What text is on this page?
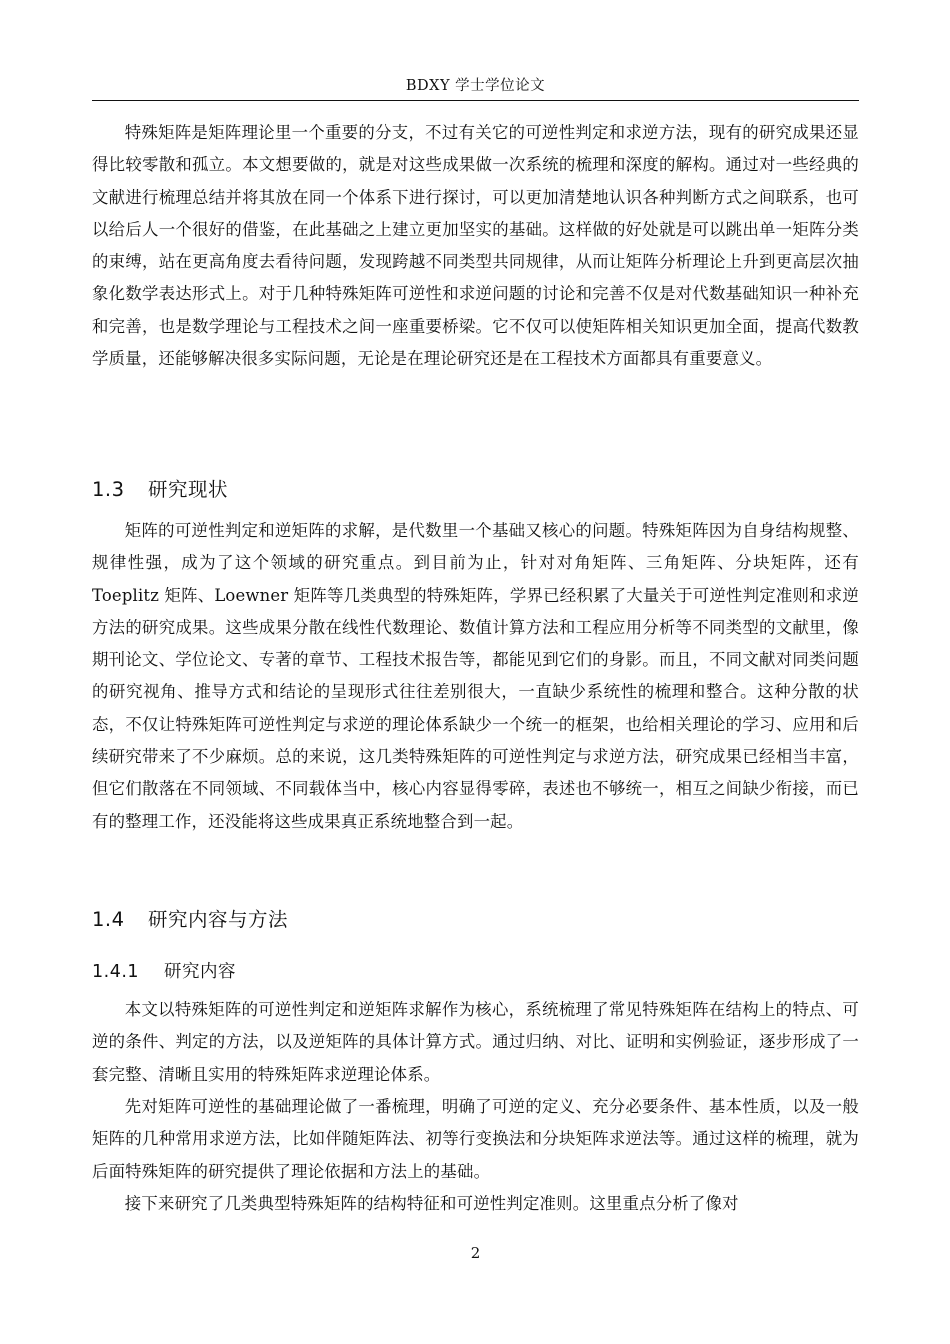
BDXY 学士学位论文

特殊矩阵是矩阵理论里一个重要的分支，不过有关它的可逆性判定和求逆方法，现有的研究成果还显得比较零散和孤立。本文想要做的，就是对这些成果做一次系统的梳理和深度的解构。通过对一些经典的文献进行梳理总结并将其放在同一个体系下进行探讨，可以更加清楚地认识各种判断方式之间联系，也可以给后人一个很好的借鉴，在此基础之上建立更加坚实的基础。这样做的好处就是可以跳出单一矩阵分类的束缚，站在更高角度去看待问题，发现跨越不同类型共同规律，从而让矩阵分析理论上升到更高层次抽象化数学表达形式上。对于几种特殊矩阵可逆性和求逆问题的讨论和完善不仅是对代数基础知识一种补充和完善，也是数学理论与工程技术之间一座重要桥梁。它不仅可以使矩阵相关知识更加全面，提高代数教学质量，还能够解决很多实际问题，无论是在理论研究还是在工程技术方面都具有重要意义。

1.3 研究现状

矩阵的可逆性判定和逆矩阵的求解，是代数里一个基础又核心的问题。特殊矩阵因为自身结构规整、规律性强，成为了这个领域的研究重点。到目前为止，针对对角矩阵、三角矩阵、分块矩阵，还有 Toeplitz 矩阵、Loewner 矩阵等几类典型的特殊矩阵，学界已经积累了大量关于可逆性判定准则和求逆方法的研究成果。这些成果分散在线性代数理论、数值计算方法和工程应用分析等不同类型的文献里，像期刊论文、学位论文、专著的章节、工程技术报告等，都能见到它们的身影。而且，不同文献对同类问题的研究视角、推导方式和结论的呈现形式往往差别很大，一直缺少系统性的梳理和整合。这种分散的状态，不仅让特殊矩阵可逆性判定与求逆的理论体系缺少一个统一的框架，也给相关理论的学习、应用和后续研究带来了不少麻烦。总的来说，这几类特殊矩阵的可逆性判定与求逆方法，研究成果已经相当丰富，但它们散落在不同领域、不同载体当中，核心内容显得零碎，表述也不够统一，相互之间缺少衔接，而已有的整理工作，还没能将这些成果真正系统地整合到一起。

1.4 研究内容与方法
1.4.1 研究内容

本文以特殊矩阵的可逆性判定和逆矩阵求解作为核心，系统梳理了常见特殊矩阵在结构上的特点、可逆的条件、判定的方法，以及逆矩阵的具体计算方式。通过归纳、对比、证明和实例验证，逐步形成了一套完整、清晰且实用的特殊矩阵求逆理论体系。

先对矩阵可逆性的基础理论做了一番梳理，明确了可逆的定义、充分必要条件、基本性质，以及一般矩阵的几种常用求逆方法，比如伴随矩阵法、初等行变换法和分块矩阵求逆法等。通过这样的梳理，就为后面特殊矩阵的研究提供了理论依据和方法上的基础。

接下来研究了几类典型特殊矩阵的结构特征和可逆性判定准则。这里重点分析了像对

2
